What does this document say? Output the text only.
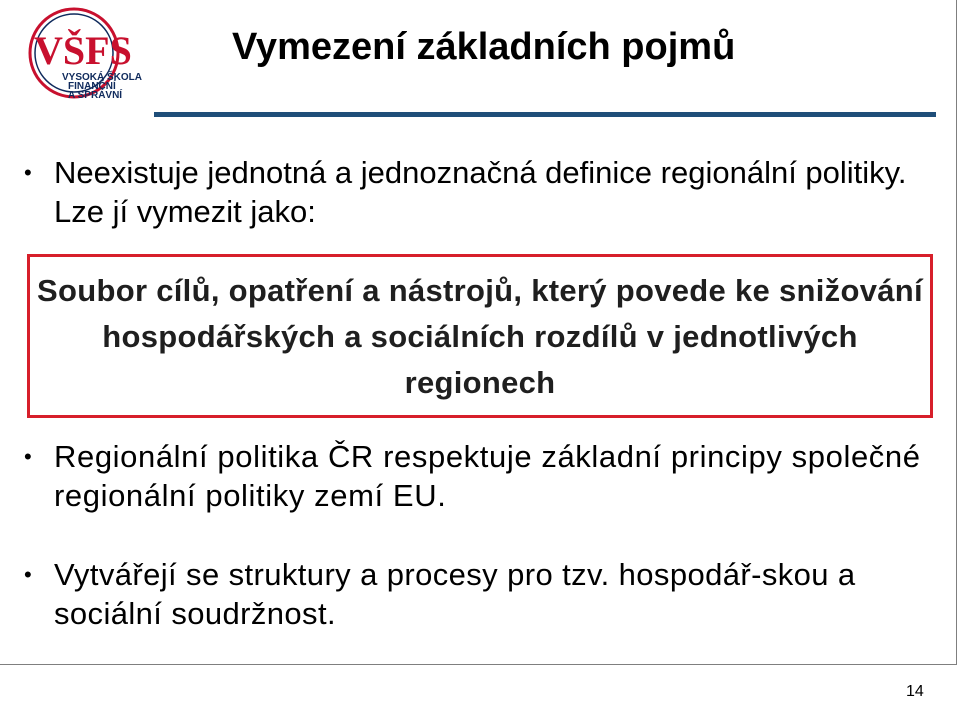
VŠFS
VYSOKÁ ŠKOLA
FINANČNÍ
A SPRÁVNÍ
Vymezení základních pojmů
• Neexistuje jednotná a jednoznačná definice regionální politiky. Lze jí vymezit jako:
Soubor cílů, opatření a nástrojů, který povede ke snižování hospodářských a sociálních rozdílů v jednotlivých regionech
• Regionální politika ČR respektuje základní principy společné regionální politiky zemí EU.
• Vytvářejí se struktury a procesy pro tzv. hospodář-skou a sociální soudržnost.
14
